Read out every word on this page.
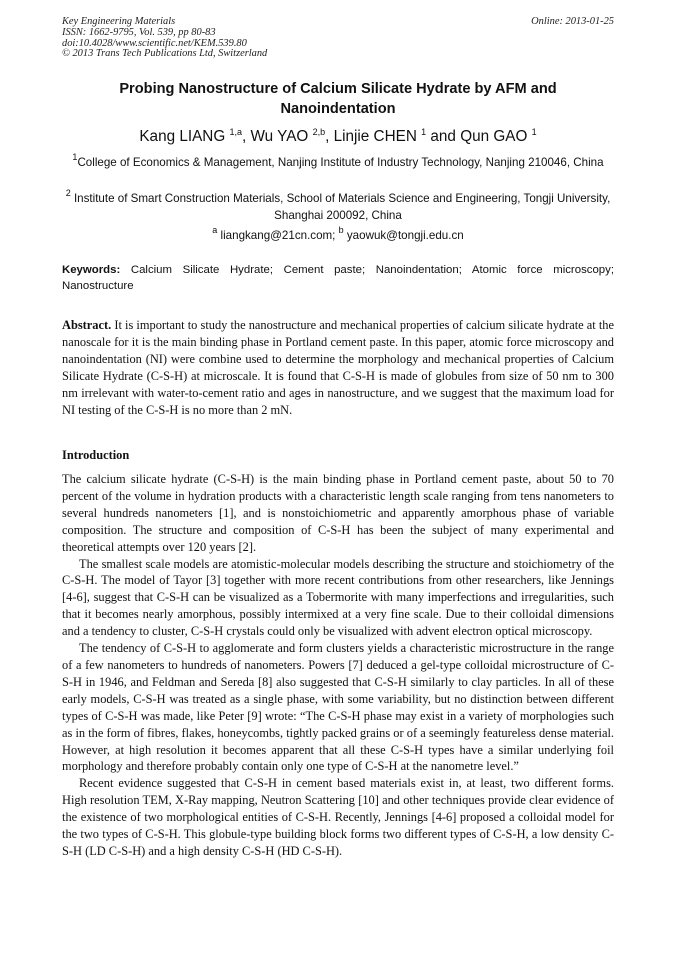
Key Engineering Materials
ISSN: 1662-9795, Vol. 539, pp 80-83
doi:10.4028/www.scientific.net/KEM.539.80
© 2013 Trans Tech Publications Ltd, Switzerland
Online: 2013-01-25
Probing Nanostructure of Calcium Silicate Hydrate by AFM and Nanoindentation
Kang LIANG $^{1,a}$, Wu YAO $^{2,b}$, Linjie CHEN $^1$ and Qun GAO $^1$
$^1$College of Economics & Management, Nanjing Institute of Industry Technology, Nanjing 210046, China
$^2$ Institute of Smart Construction Materials, School of Materials Science and Engineering, Tongji University, Shanghai 200092, China
$^a$ liangkang@21cn.com; $^b$ yaowuk@tongji.edu.cn
Keywords: Calcium Silicate Hydrate; Cement paste; Nanoindentation; Atomic force microscopy; Nanostructure
Abstract. It is important to study the nanostructure and mechanical properties of calcium silicate hydrate at the nanoscale for it is the main binding phase in Portland cement paste. In this paper, atomic force microscopy and nanoindentation (NI) were combine used to determine the morphology and mechanical properties of Calcium Silicate Hydrate (C-S-H) at microscale. It is found that C-S-H is made of globules from size of 50 nm to 300 nm irrelevant with water-to-cement ratio and ages in nanostructure, and we suggest that the maximum load for NI testing of the C-S-H is no more than 2 mN.
Introduction

The calcium silicate hydrate (C-S-H) is the main binding phase in Portland cement paste, about 50 to 70 percent of the volume in hydration products with a characteristic length scale ranging from tens nanometers to several hundreds nanometers [1], and is nonstoichiometric and apparently amorphous phase of variable composition. The structure and composition of C-S-H has been the subject of many experimental and theoretical attempts over 120 years [2].

The smallest scale models are atomistic-molecular models describing the structure and stoichiometry of the C-S-H. The model of Tayor [3] together with more recent contributions from other researchers, like Jennings [4-6], suggest that C-S-H can be visualized as a Tobermorite with many imperfections and irregularities, such that it becomes nearly amorphous, possibly intermixed at a very fine scale. Due to their colloidal dimensions and a tendency to cluster, C-S-H crystals could only be visualized with advent electron optical microscopy.

The tendency of C-S-H to agglomerate and form clusters yields a characteristic microstructure in the range of a few nanometers to hundreds of nanometers. Powers [7] deduced a gel-type colloidal microstructure of C-S-H in 1946, and Feldman and Sereda [8] also suggested that C-S-H similarly to clay particles. In all of these early models, C-S-H was treated as a single phase, with some variability, but no distinction between different types of C-S-H was made, like Peter [9] wrote: “The C-S-H phase may exist in a variety of morphologies such as in the form of fibres, flakes, honeycombs, tightly packed grains or of a seemingly featureless dense material. However, at high resolution it becomes apparent that all these C-S-H types have a similar underlying foil morphology and therefore probably contain only one type of C-S-H at the nanometre level.”

Recent evidence suggested that C-S-H in cement based materials exist in, at least, two different forms. High resolution TEM, X-Ray mapping, Neutron Scattering [10] and other techniques provide clear evidence of the existence of two morphological entities of C-S-H. Recently, Jennings [4-6] proposed a colloidal model for the two types of C-S-H. This globule-type building block forms two different types of C-S-H, a low density C-S-H (LD C-S-H) and a high density C-S-H (HD C-S-H).
